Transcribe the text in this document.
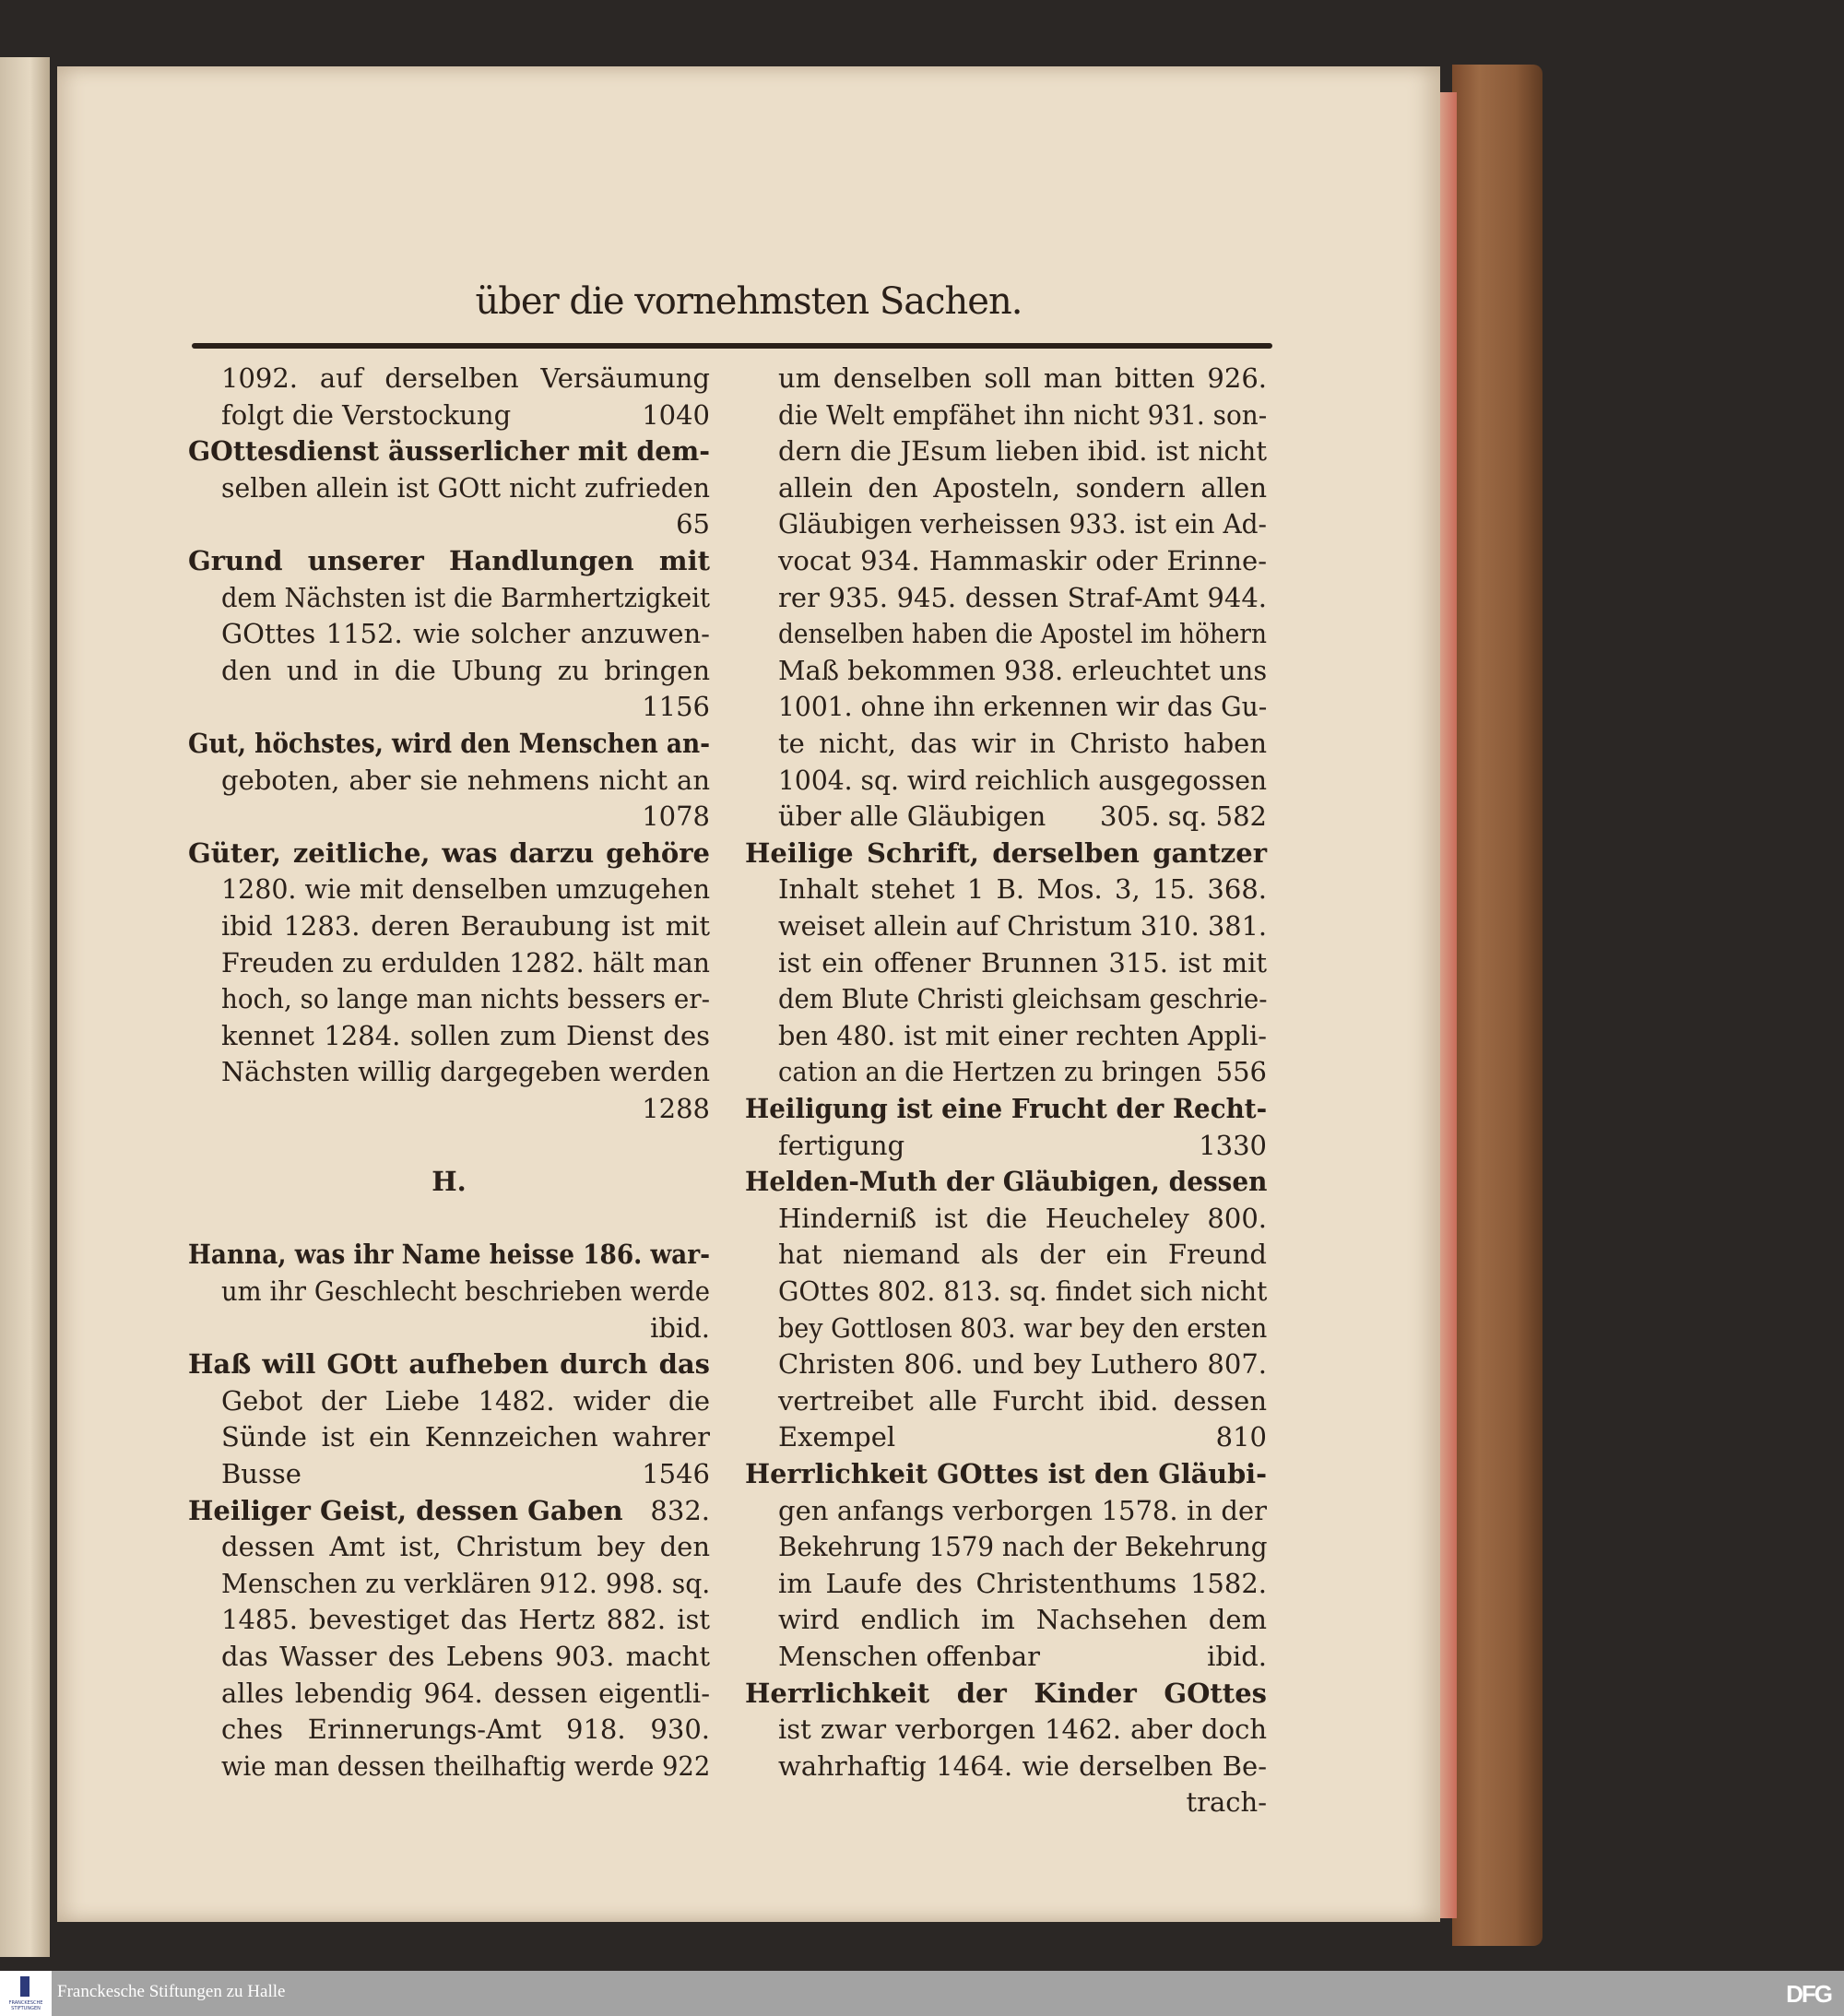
über die vornehmsten Sachen.
1092. auf derselben Versäumung
folgt die Verstockung	1040
GOttesdienst äusserlicher mit dem-
selben allein ist GOtt nicht zufrieden
65
Grund unserer Handlungen mit
dem Nächsten ist die Barmhertzigkeit
GOttes 1152. wie solcher anzuwen-
den und in die Ubung zu bringen
1156
Gut, höchstes, wird den Menschen an-
geboten, aber sie nehmens nicht an
1078
Güter, zeitliche, was darzu gehöre
1280. wie mit denselben umzugehen
ibid 1283. deren Beraubung ist mit
Freuden zu erdulden 1282. hält man
hoch, so lange man nichts bessers er-
kennet 1284. sollen zum Dienst des
Nächsten willig dargegeben werden
1288
H.
Hanna, was ihr Name heisse 186. war-
um ihr Geschlecht beschrieben werde
ibid.
Haß will GOtt aufheben durch das
Gebot der Liebe 1482. wider die
Sünde ist ein Kennzeichen wahrer
Busse	1546
Heiliger Geist, dessen Gaben 832.
dessen Amt ist, Christum bey den
Menschen zu verklären 912. 998. sq.
1485. bevestiget das Hertz 882. ist
das Wasser des Lebens 903. macht
alles lebendig 964. dessen eigentli-
ches Erinnerungs-Amt 918. 930.
wie man dessen theilhaftig werde 922
um denselben soll man bitten 926.
die Welt empfähet ihn nicht 931. son-
dern die JEsum lieben ibid. ist nicht
allein den Aposteln, sondern allen
Gläubigen verheissen 933. ist ein Ad-
vocat 934. Hammaskir oder Erinne-
rer 935. 945. dessen Straf-Amt 944.
denselben haben die Apostel im höhern
Maß bekommen 938. erleuchtet uns
1001. ohne ihn erkennen wir das Gu-
te nicht, das wir in Christo haben
1004. sq. wird reichlich ausgegossen
über alle Gläubigen 305. sq. 582
Heilige Schrift, derselben gantzer
Inhalt stehet 1 B. Mos. 3, 15. 368.
weiset allein auf Christum 310. 381.
ist ein offener Brunnen 315. ist mit
dem Blute Christi gleichsam geschrie-
ben 480. ist mit einer rechten Appli-
cation an die Hertzen zu bringen 556
Heiligung ist eine Frucht der Recht-
fertigung	1330
Helden-Muth der Gläubigen, dessen
Hinderniß ist die Heucheley 800.
hat niemand als der ein Freund
GOttes 802. 813. sq. findet sich nicht
bey Gottlosen 803. war bey den ersten
Christen 806. und bey Luthero 807.
vertreibet alle Furcht ibid. dessen
Exempel	810
Herrlichkeit GOttes ist den Gläubi-
gen anfangs verborgen 1578. in der
Bekehrung 1579 nach der Bekehrung
im Laufe des Christenthums 1582.
wird endlich im Nachsehen dem
Menschen offenbar	ibid.
Herrlichkeit der Kinder GOttes
ist zwar verborgen 1462. aber doch
wahrhaftig 1464. wie derselben Be-
trach-
FRANCKESCHE
STIFTUNGEN
Franckesche Stiftungen zu Halle	DFG
